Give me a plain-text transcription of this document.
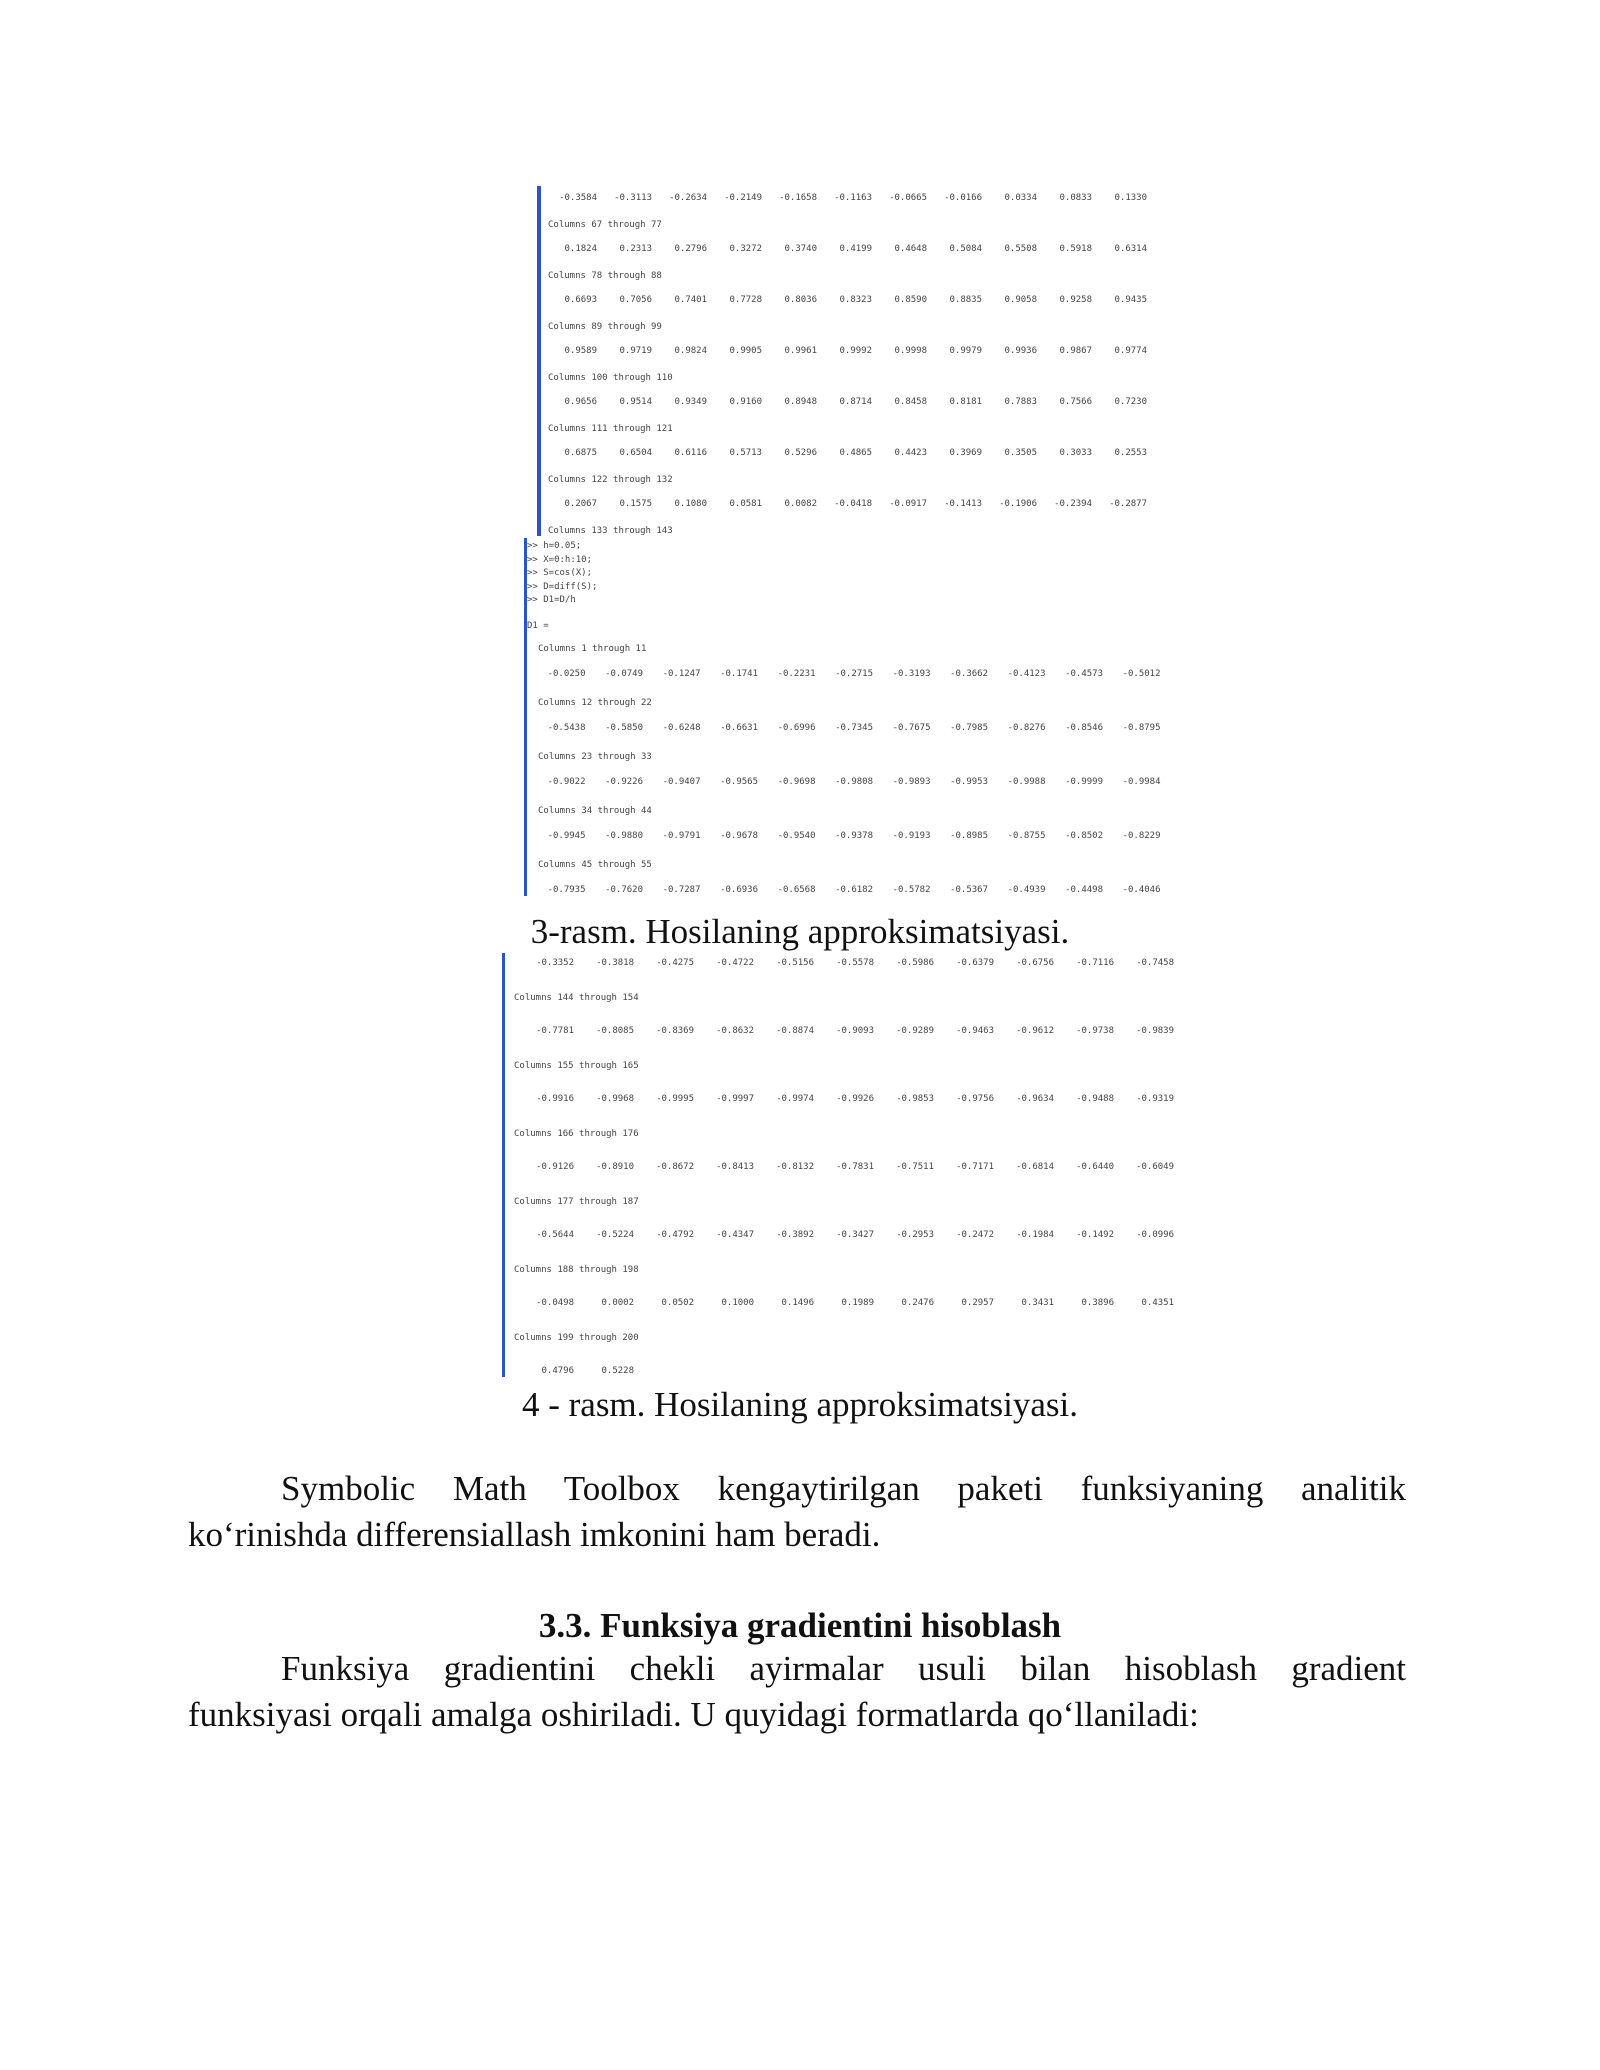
-0.3584	-0.3113	-0.2634	-0.2149	-0.1658	-0.1163	-0.0665	-0.0166	0.0334	0.0833	0.1330
Columns 67 through 77
0.1824	0.2313	0.2796	0.3272	0.3740	0.4199	0.4648	0.5084	0.5508	0.5918	0.6314
Columns 78 through 88
0.6693	0.7056	0.7401	0.7728	0.8036	0.8323	0.8590	0.8835	0.9058	0.9258	0.9435
Columns 89 through 99
0.9589	0.9719	0.9824	0.9905	0.9961	0.9992	0.9998	0.9979	0.9936	0.9867	0.9774
Columns 100 through 110
0.9656	0.9514	0.9349	0.9160	0.8948	0.8714	0.8458	0.8181	0.7883	0.7566	0.7230
Columns 111 through 121
0.6875	0.6504	0.6116	0.5713	0.5296	0.4865	0.4423	0.3969	0.3505	0.3033	0.2553
Columns 122 through 132
0.2067	0.1575	0.1080	0.0581	0.0082	-0.0418	-0.0917	-0.1413	-0.1906	-0.2394	-0.2877
Columns 133 through 143
>> h=0.05;
>> X=0:h:10;
>> S=cos(X);
>> D=diff(S);
>> D1=D/h
D1 =
Columns 1 through 11
-0.0250	-0.0749	-0.1247	-0.1741	-0.2231	-0.2715	-0.3193	-0.3662	-0.4123	-0.4573	-0.5012
Columns 12 through 22
-0.5438	-0.5850	-0.6248	-0.6631	-0.6996	-0.7345	-0.7675	-0.7985	-0.8276	-0.8546	-0.8795
Columns 23 through 33
-0.9022	-0.9226	-0.9407	-0.9565	-0.9698	-0.9808	-0.9893	-0.9953	-0.9988	-0.9999	-0.9984
Columns 34 through 44
-0.9945	-0.9880	-0.9791	-0.9678	-0.9540	-0.9378	-0.9193	-0.8985	-0.8755	-0.8502	-0.8229
Columns 45 through 55
-0.7935	-0.7620	-0.7287	-0.6936	-0.6568	-0.6182	-0.5782	-0.5367	-0.4939	-0.4498	-0.4046
3-rasm. Hosilaning approksimatsiyasi.
-0.3352	-0.3818	-0.4275	-0.4722	-0.5156	-0.5578	-0.5986	-0.6379	-0.6756	-0.7116	-0.7458
Columns 144 through 154
-0.7781	-0.8085	-0.8369	-0.8632	-0.8874	-0.9093	-0.9289	-0.9463	-0.9612	-0.9738	-0.9839
Columns 155 through 165
-0.9916	-0.9968	-0.9995	-0.9997	-0.9974	-0.9926	-0.9853	-0.9756	-0.9634	-0.9488	-0.9319
Columns 166 through 176
-0.9126	-0.8910	-0.8672	-0.8413	-0.8132	-0.7831	-0.7511	-0.7171	-0.6814	-0.6440	-0.6049
Columns 177 through 187
-0.5644	-0.5224	-0.4792	-0.4347	-0.3892	-0.3427	-0.2953	-0.2472	-0.1984	-0.1492	-0.0996
Columns 188 through 198
-0.0498	0.0002	0.0502	0.1000	0.1496	0.1989	0.2476	0.2957	0.3431	0.3896	0.4351
Columns 199 through 200
0.4796	0.5228
4 - rasm. Hosilaning approksimatsiyasi.
Symbolic Math Toolbox kengaytirilgan paketi funksiyaning analitik
ko‘rinishda differensiallash imkonini ham beradi.
3.3. Funksiya gradientini hisoblash
Funksiya gradientini chekli ayirmalar usuli bilan hisoblash gradient
funksiyasi orqali amalga oshiriladi. U quyidagi formatlarda qo‘llaniladi:
